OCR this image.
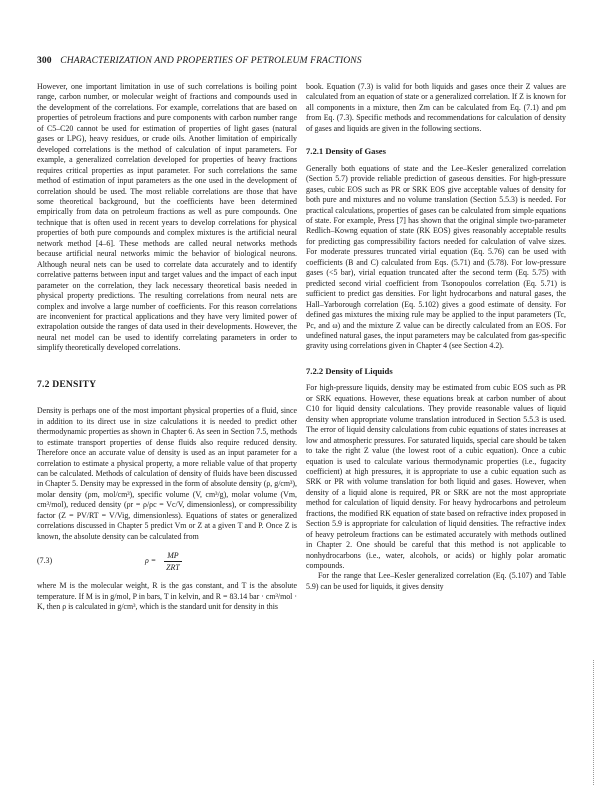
300 CHARACTERIZATION AND PROPERTIES OF PETROLEUM FRACTIONS

However, one important limitation in use of such correlations is boiling point range, carbon number, or molecular weight of fractions and compounds used in the development of the correlations. For example, correlations that are based on properties of petroleum fractions and pure components with carbon number range of C5–C20 cannot be used for estimation of properties of light gases (natural gases or LPG), heavy residues, or crude oils. Another limitation of empirically developed correlations is the method of calculation of input parameters. For example, a generalized correlation developed for properties of heavy fractions requires critical properties as input parameter. For such correlations the same method of estimation of input parameters as the one used in the development of correlation should be used. The most reliable correlations are those that have some theoretical background, but the coefficients have been determined empirically from data on petroleum fractions as well as pure compounds. One technique that is often used in recent years to develop correlations for physical properties of both pure compounds and complex mixtures is the artificial neural network method [4–6]. These methods are called neural networks methods because artificial neural networks mimic the behavior of biological neurons. Although neural nets can be used to correlate data accurately and to identify correlative patterns between input and target values and the impact of each input parameter on the correlation, they lack necessary theoretical basis needed in physical property predictions. The resulting correlations from neural nets are complex and involve a large number of coefficients. For this reason correlations are inconvenient for practical applications and they have very limited power of extrapolation outside the ranges of data used in their developments. However, the neural net model can be used to identify correlating parameters in order to simplify theoretically developed correlations.

7.2 DENSITY

Density is perhaps one of the most important physical properties of a fluid, since in addition to its direct use in size calculations it is needed to predict other thermodynamic properties as shown in Chapter 6. As seen in Section 7.5, methods to estimate transport properties of dense fluids also require reduced density. Therefore once an accurate value of density is used as an input parameter for a correlation to estimate a physical property, a more reliable value of that property can be calculated. Methods of calculation of density of fluids have been discussed in Chapter 5. Density may be expressed in the form of absolute density (ρ, g/cm³), molar density (ρm, mol/cm³), specific volume (V, cm³/g), molar volume (Vm, cm³/mol), reduced density (ρr = ρ/ρc = Vc/V, dimensionless), or compressibility factor (Z = PV/RT = V/Vig, dimensionless). Equations of states or generalized correlations discussed in Chapter 5 predict Vm or Z at a given T and P. Once Z is known, the absolute density can be calculated from

(7.3)	$\rho = \frac{MP}{\text{ZRT}}$

where M is the molecular weight, R is the gas constant, and T is the absolute temperature. If M is in g/mol, P in bars, T in kelvin, and R = 83.14 bar · cm³/mol · K, then ρ is calculated in g/cm³, which is the standard unit for density in this

book. Equation (7.3) is valid for both liquids and gases once their Z values are calculated from an equation of state or a generalized correlation. If Z is known for all components in a mixture, then Zm can be calculated from Eq. (7.1) and ρm from Eq. (7.3). Specific methods and recommendations for calculation of density of gases and liquids are given in the following sections.

7.2.1 Density of Gases

Generally both equations of state and the Lee–Kesler generalized correlation (Section 5.7) provide reliable prediction of gaseous densities. For high-pressure gases, cubic EOS such as PR or SRK EOS give acceptable values of density for both pure and mixtures and no volume translation (Section 5.5.3) is needed. For practical calculations, properties of gases can be calculated from simple equations of state. For example, Press [7] has shown that the original simple two-parameter Redlich–Kowng equation of state (RK EOS) gives reasonably acceptable results for predicting gas compressibility factors needed for calculation of valve sizes. For moderate pressures truncated virial equation (Eq. 5.76) can be used with coefficients (B and C) calculated from Eqs. (5.71) and (5.78). For low-pressure gases (<5 bar), virial equation truncated after the second term (Eq. 5.75) with predicted second virial coefficient from Tsonopoulos correlation (Eq. 5.71) is sufficient to predict gas densities. For light hydrocarbons and natural gases, the Hall–Yarborough correlation (Eq. 5.102) gives a good estimate of density. For defined gas mixtures the mixing rule may be applied to the input parameters (Tc, Pc, and ω) and the mixture Z value can be directly calculated from an EOS. For undefined natural gases, the input parameters may be calculated from gas-specific gravity using correlations given in Chapter 4 (see Section 4.2).

7.2.2 Density of Liquids

For high-pressure liquids, density may be estimated from cubic EOS such as PR or SRK equations. However, these equations break at carbon number of about C10 for liquid density calculations. They provide reasonable values of liquid density when appropriate volume translation introduced in Section 5.5.3 is used. The error of liquid density calculations from cubic equations of states increases at low and atmospheric pressures. For saturated liquids, special care should be taken to take the right Z value (the lowest root of a cubic equation). Once a cubic equation is used to calculate various thermodynamic properties (i.e., fugacity coefficient) at high pressures, it is appropriate to use a cubic equation such as SRK or PR with volume translation for both liquid and gases. However, when density of a liquid alone is required, PR or SRK are not the most appropriate method for calculation of liquid density. For heavy hydrocarbons and petroleum fractions, the modified RK equation of state based on refractive index proposed in Section 5.9 is appropriate for calculation of liquid densities. The refractive index of heavy petroleum fractions can be estimated accurately with methods outlined in Chapter 2. One should be careful that this method is not applicable to nonhydrocarbons (i.e., water, alcohols, or acids) or highly polar aromatic compounds.

For the range that Lee–Kesler generalized correlation (Eq. (5.107) and Table 5.9) can be used for liquids, it gives density
